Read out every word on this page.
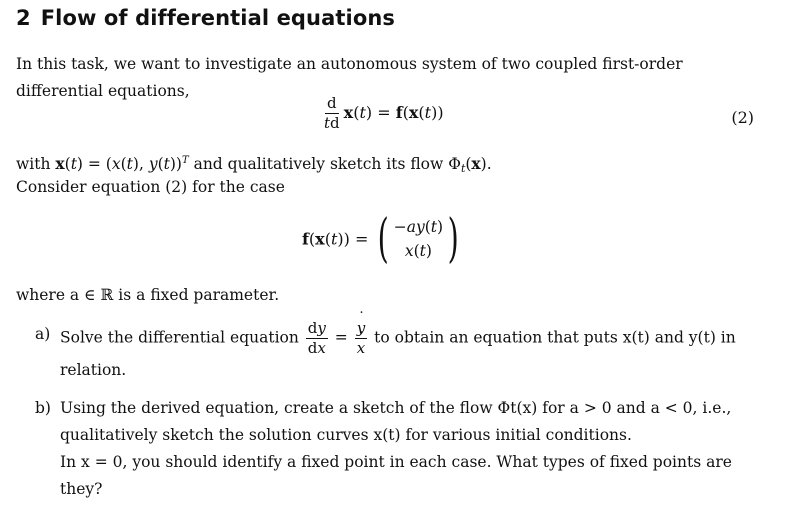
2 Flow of differential equations
In this task, we want to investigate an autonomous system of two coupled first-order differential equations,
$\frac{d}{td} x(t) = f(x(t))$	(2)
with x(t) = (x(t), y(t))$^T$ and qualitatively sketch its flow $\Phi_t(x)$.
Consider equation (2) for the case
f(x(t)) = ( −ay(t)
x(t) )
where a ∈ ℝ is a fixed parameter.
a) Solve the differential equation $\frac{dy}{dx}$ =
˙ y
˙ x to obtain an equation that puts x(t) and y(t) in
relation.
b) Using the derived equation, create a sketch of the flow Φt(x) for a > 0 and a < 0, i.e., qualitatively sketch the solution curves x(t) for various initial conditions.
In x = 0, you should identify a fixed point in each case. What types of fixed points are they?
